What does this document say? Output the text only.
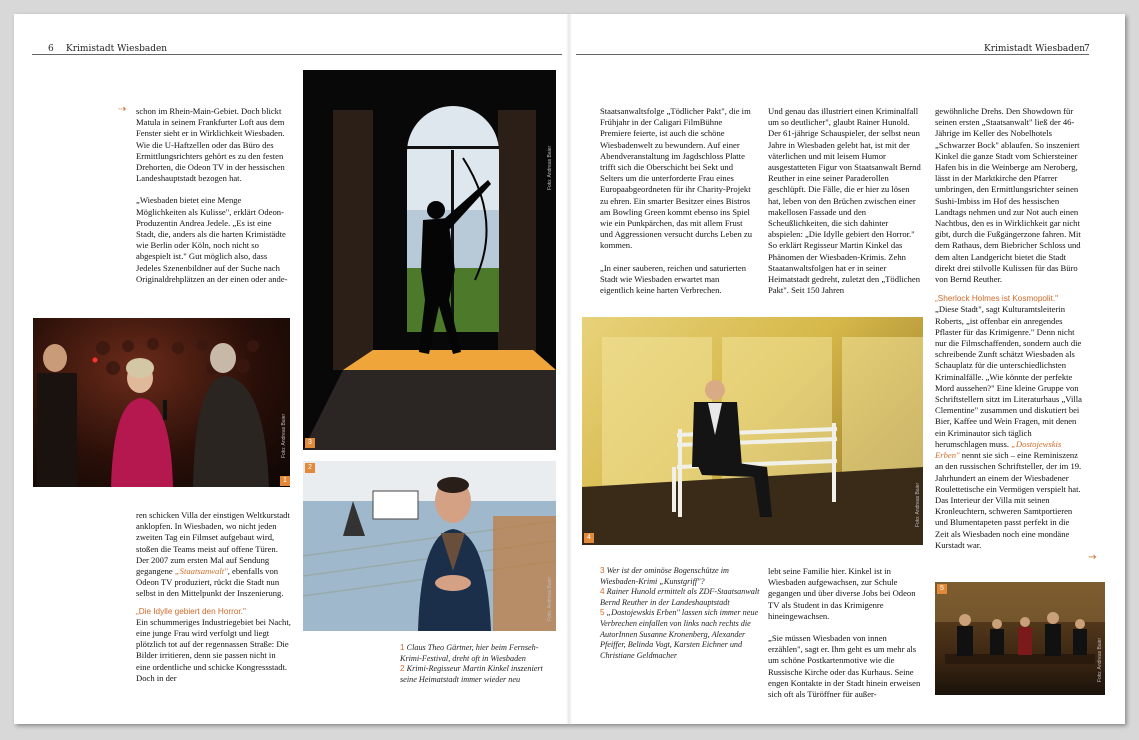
6 Krimistadt Wiesbaden	Krimistadt Wiesbaden
7
⇢ schon im Rhein-Main-Gebiet. Doch blickt Matula in seinem Frankfurter Loft aus dem Fenster sieht er in Wirklichkeit Wiesbaden. Wie die U-Haftzellen oder das Büro des Ermittlungsrichters gehört es zu den festen Drehorten, die Odeon TV in der hessischen Landeshauptstadt bezogen hat.

„Wiesbaden bietet eine Menge Möglichkeiten als Kulisse", erklärt Odeon-Produzentin Andrea Jedele. „Es ist eine Stadt, die, anders als die harten Krimistädte wie Berlin oder Köln, noch nicht so abgespielt ist." Gut möglich also, dass Jedeles Szenenbildner auf der Suche nach Originaldrehplätzen an der einen oder ande-

Foto: Andreas Baier
1

ren schicken Villa der einstigen Weltkurstadt anklopfen. In Wiesbaden, wo nicht jeden zweiten Tag ein Filmset aufgebaut wird, stoßen die Teams meist auf offene Türen. Der 2007 zum ersten Mal auf Sendung gegangene „Staatsanwalt", ebenfalls von Odeon TV produziert, rückt die Stadt nun selbst in den Mittelpunkt der Inszenierung.

„Die Idylle gebiert den Horror."

Ein schummeriges Industriegebiet bei Nacht, eine junge Frau wird verfolgt und liegt plötzlich tot auf der regennassen Straße: Die Bilder irritieren, denn sie passen nicht in eine ordentliche und schicke Kongressstadt. Doch in der

Foto: Andreas Baier
3
Foto: Andreas Baier
2
1 Claus Theo Gärtner, hier beim Fernseh-Krimi-Festival, dreht oft in Wiesbaden
2 Krimi-Regisseur Martin Kinkel inszeniert seine Heimatstadt immer wieder neu

Staatsanwaltsfolge „Tödlicher Pakt", die im Frühjahr in der Caligari FilmBühne Premiere feierte, ist auch die schöne Wiesbadenwelt zu bewundern. Auf einer Abendveranstaltung im Jagdschloss Platte trifft sich die Oberschicht bei Sekt und Selters um die unterforderte Frau eines Europaabgeordneten für ihr Charity-Projekt zu ehren. Ein smarter Besitzer eines Bistros am Bowling Green kommt ebenso ins Spiel wie ein Punkpärchen, das mit allem Frust und Aggressionen versucht durchs Leben zu kommen.

„In einer sauberen, reichen und saturierten Stadt wie Wiesbaden erwartet man eigentlich keine harten Verbrechen.

Und genau das illustriert einen Kriminalfall um so deutlicher", glaubt Rainer Hunold. Der 61-jährige Schauspieler, der selbst neun Jahre in Wiesbaden gelebt hat, ist mit der väterlichen und mit leisem Humor ausgestatteten Figur von Staatsanwalt Bernd Reuther in eine seiner Paraderollen geschlüpft. Die Fälle, die er hier zu lösen hat, leben von den Brüchen zwischen einer makellosen Fassade und den Scheußlichkeiten, die sich dahinter abspielen: „Die Idylle gebiert den Horror." So erklärt Regisseur Martin Kinkel das Phänomen der Wiesbaden-Krimis. Zehn Staatanwaltsfolgen hat er in seiner Heimatstadt gedreht, zuletzt den „Tödlichen Pakt". Seit 150 Jahren

Foto: Andreas Baier
4
3 Wer ist der ominöse Bogenschütze im Wiesbaden-Krimi „Kunstgriff"?
4 Rainer Hunold ermittelt als ZDF-Staatsanwalt Bernd Reuther in der Landeshauptstadt
5 „Dostojewskis Erben" lassen sich immer neue Verbrechen einfallen von links nach rechts die AutorInnen Susanne Kronenberg, Alexander Pfeiffer, Belinda Vogt, Karsten Eichner und Christiane Geldmacher

lebt seine Familie hier. Kinkel ist in Wiesbaden aufgewachsen, zur Schule gegangen und über diverse Jobs bei Odeon TV als Student in das Krimigenre hineingewachsen.

„Sie müssen Wiesbaden von innen erzählen", sagt er. Ihm geht es um mehr als um schöne Postkartenmotive wie die Russische Kirche oder das Kurhaus. Seine engen Kontakte in der Stadt hinein erweisen sich oft als Türöffner für außer-

gewöhnliche Drehs. Den Showdown für seinen ersten „Staatsanwalt" ließ der 46-Jährige im Keller des Nobelhotels „Schwarzer Bock" ablaufen. So inszeniert Kinkel die ganze Stadt vom Schiersteiner Hafen bis in die Weinberge am Neroberg, lässt in der Marktkirche den Pfarrer umbringen, den Ermittlungsrichter seinen Sushi-Imbiss im Hof des hessischen Landtags nehmen und zur Not auch einen Nachtbus, den es in Wirklichkeit gar nicht gibt, durch die Fußgängerzone fahren. Mit dem Rathaus, dem Biebricher Schloss und dem alten Landgericht bietet die Stadt direkt drei stilvolle Kulissen für das Büro von Bernd Reuther.

„Sherlock Holmes ist Kosmopolit."

„Diese Stadt", sagt Kulturamtsleiterin Roberts, „ist offenbar ein anregendes Pflaster für das Krimigenre." Denn nicht nur die Filmschaffenden, sondern auch die schreibende Zunft schätzt Wiesbaden als Schauplatz für die unterschiedlichsten Kriminalfälle. „Wie könnte der perfekte Mord aussehen?" Eine kleine Gruppe von Schriftstellern sitzt im Literaturhaus „Villa Clementine" zusammen und diskutiert bei Bier, Kaffee und Wein Fragen, mit denen ein Kriminautor sich täglich herumschlagen muss. „Dostojewskis Erben" nennt sie sich – eine Reminiszenz an den russischen Schriftsteller, der im 19. Jahrhundert an einem der Wiesbadener Roulettetische ein Vermögen verspielt hat. Das Interieur der Villa mit seinen Kronleuchtern, schweren Samtportieren und Blumentapeten passt perfekt in die Zeit als Wiesbaden noch eine mondäne Kurstadt war.

→
Foto: Andreas Baier
5
